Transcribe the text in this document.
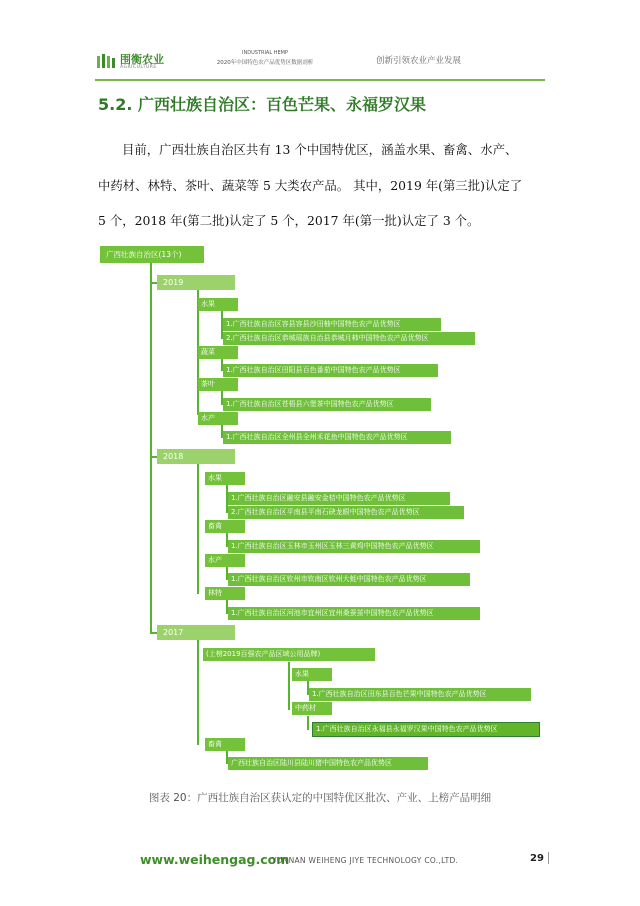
围衡农业
AGRICULTURE
INDUSTRIAL HEMP
2020年中国特色农产品优势区数据剖析	创新引领农业产业发展
5.2. 广西壮族自治区：百色芒果、永福罗汉果
目前，广西壮族自治区共有 13 个中国特优区，涵盖水果、畜禽、水产、
中药材、林特、茶叶、蔬菜等 5 大类农产品。 其中，2019 年(第三批)认定了
5 个，2018 年(第二批)认定了 5 个，2017 年(第一批)认定了 3 个。
广西壮族自治区(13个)
2019
水果
1.广西壮族自治区容县容县沙田柚中国特色农产品优势区
2.广西壮族自治区恭城瑶族自治县恭城月柿中国特色农产品优势区
蔬菜
1.广西壮族自治区田阳县百色番茄中国特色农产品优势区
茶叶
1.广西壮族自治区苍梧县六堡茶中国特色农产品优势区
水产
1.广西壮族自治区全州县全州禾花鱼中国特色农产品优势区
2018
水果
1.广西壮族自治区融安县融安金桔中国特色农产品优势区
2.广西壮族自治区平南县平南石硖龙眼中国特色农产品优势区
畜禽
1.广西壮族自治区玉林市玉州区玉林三黄鸡中国特色农产品优势区
水产
1.广西壮族自治区钦州市钦南区钦州大蚝中国特色农产品优势区
林特
1.广西壮族自治区河池市宜州区宜州桑蚕茧中国特色农产品优势区
2017
(上榜2019百强农产品区域公用品牌)
水果
1.广西壮族自治区田东县百色芒果中国特色农产品优势区
中药材
1.广西壮族自治区永福县永福罗汉果中国特色农产品优势区
畜禽
广西壮族自治区陆川县陆川猪中国特色农产品优势区
图表 20：广西壮族自治区获认定的中国特优区批次、产业、上榜产品明细
www.weihengag.com
YUNNAN WEIHENG JIYE TECHNOLOGY CO.,LTD.	29
